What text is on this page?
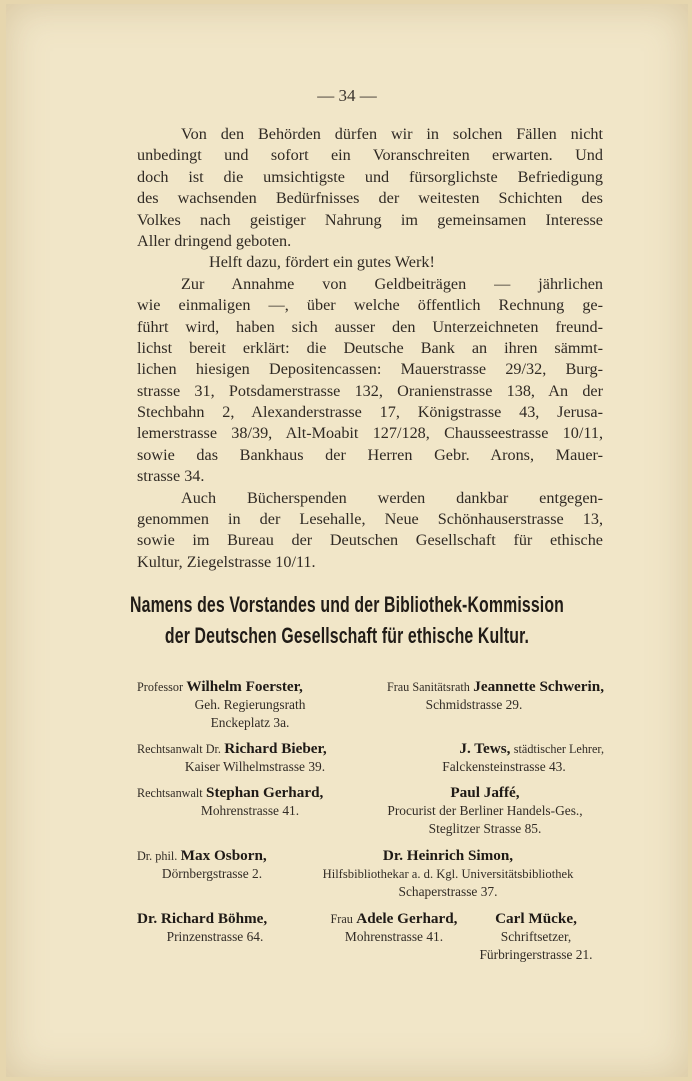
— 34 —
Von den Behörden dürfen wir in solchen Fällen nicht
unbedingt und sofort ein Voranschreiten erwarten. Und
doch ist die umsichtigste und fürsorglichste Befriedigung
des wachsenden Bedürfnisses der weitesten Schichten des
Volkes nach geistiger Nahrung im gemeinsamen Interesse
Aller dringend geboten.
Helft dazu, fördert ein gutes Werk!
Zur Annahme von Geldbeiträgen — jährlichen
wie einmaligen —, über welche öffentlich Rechnung ge-
führt wird, haben sich ausser den Unterzeichneten freund-
lichst bereit erklärt: die Deutsche Bank an ihren sämmt-
lichen hiesigen Depositencassen: Mauerstrasse 29/32, Burg-
strasse 31, Potsdamerstrasse 132, Oranienstrasse 138, An der
Stechbahn 2, Alexanderstrasse 17, Königstrasse 43, Jerusa-
lemerstrasse 38/39, Alt-Moabit 127/128, Chausseestrasse 10/11,
sowie das Bankhaus der Herren Gebr. Arons, Mauer-
strasse 34.
Auch Bücherspenden werden dankbar entgegen-
genommen in der Lesehalle, Neue Schönhauserstrasse 13,
sowie im Bureau der Deutschen Gesellschaft für ethische
Kultur, Ziegelstrasse 10/11.
Namens des Vorstandes und der Bibliothek-Kommission
der Deutschen Gesellschaft für ethische Kultur.
Professor Wilhelm Foerster,
Geh. Regierungsrath
Enckeplatz 3a.
Frau Sanitätsrath Jeannette Schwerin,
Schmidstrasse 29.
Rechtsanwalt Dr. Richard Bieber,
Kaiser Wilhelmstrasse 39.
J. Tews, städtischer Lehrer,
Falckensteinstrasse 43.
Rechtsanwalt Stephan Gerhard,
Mohrenstrasse 41.
Paul Jaffé,
Procurist der Berliner Handels-Ges.,
Steglitzer Strasse 85.
Dr. phil. Max Osborn,
Dörnbergstrasse 2.
Dr. Heinrich Simon,
Hilfsbibliothekar a. d. Kgl. Universitätsbibliothek
Schaperstrasse 37.
Dr. Richard Böhme,
Prinzenstrasse 64.
Frau Adele Gerhard,
Mohrenstrasse 41.
Carl Mücke,
Schriftsetzer,
Fürbringerstrasse 21.
